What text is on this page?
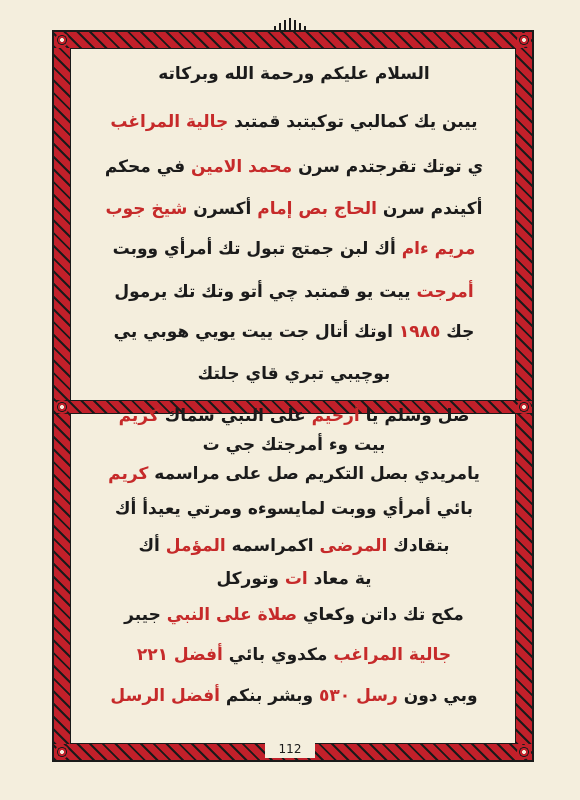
السلام عليكم ورحمة الله وبركاته
ييبن يك كمالبي توكيتبد قمتبد جالية المراغب
ي توتك تقرجتدم سرن محمد الامين في محكم
أكيندم سرن الحاج بص إمام أكسرن شيخ جوب
مريم ءام أك لبن جمتج تبول تك أمرأي ووبت
أمرجت ييت يو قمتبد چي أتو وتك تك يرمول
جك ١٩٨٥ اوتك أتال جت ييت يويي هوبي يي
بوچيبي تبري قاي جلتك
صل وسلم يا أرحيم على النبي سماك كريم
بيت وء أمرجتك جي ت
يامريدي بصل التكريم صل على مراسمه كريم
بائي أمرأي ووبت لمايسوءه ومرتي يعيدأ أك
بتقادك المرضى اكمراسمه المؤمل أك
ية معاد ات وتوركل
مكح تك داتن وكعاي صلاة على النبي جيبر
جالية المراغب مكدوي بائي أفضل ٢٢١
وبي دون رسل ٥٣٠ وبشر بنكم أفضل الرسل
112
